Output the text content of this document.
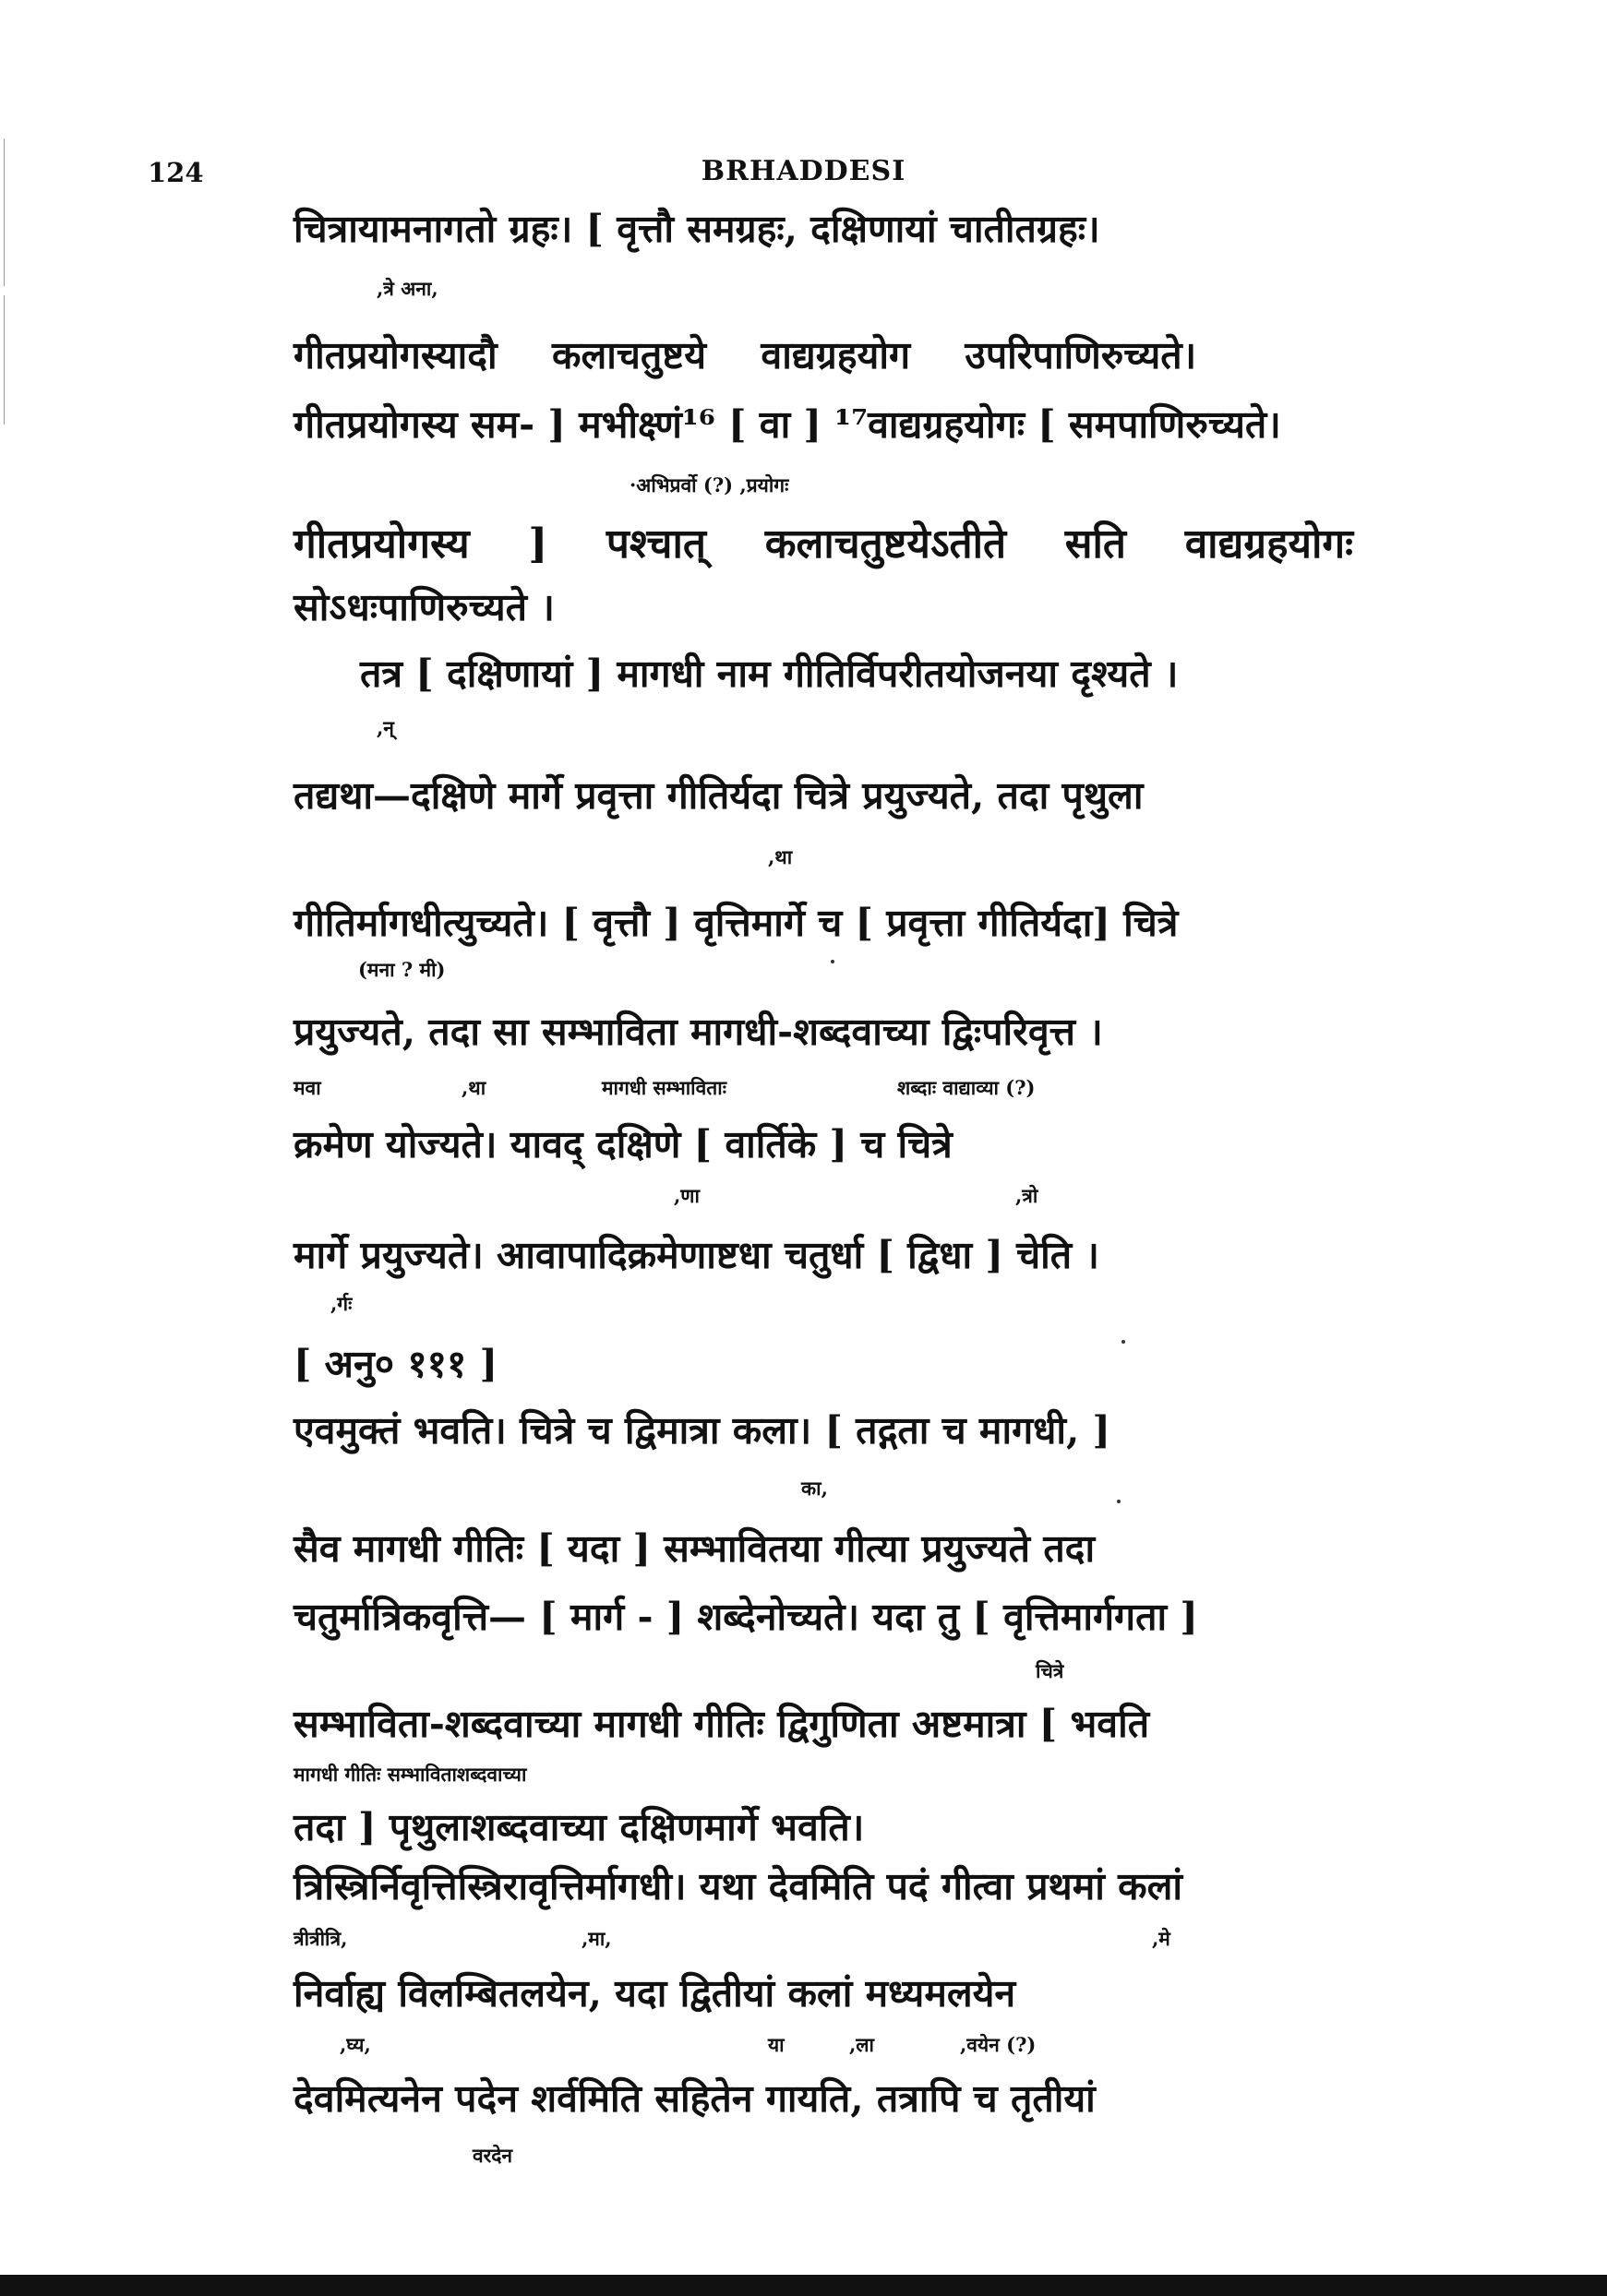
124	BRHADDESI
चित्रायामनागतो ग्रहः। [ वृत्तौ समग्रहः, दक्षिणायां चातीतग्रहः।
,त्रे अना,
गीतप्रयोगस्यादौ कलाचतुष्टये वाद्यग्रहयोग उपरिपाणिरुच्यते।
गीतप्रयोगस्य सम- ] मभीक्ष्णं¹⁶ [ वा ] ¹⁷वाद्यग्रहयोगः [ समपाणिरुच्यते।
·अभिप्रर्वो (?) ,प्रयोगः
गीतप्रयोगस्य ] पश्चात् कलाचतुष्टयेऽतीते सति वाद्यग्रहयोगः
सोऽधःपाणिरुच्यते ।
तत्र [ दक्षिणायां ] मागधी नाम गीतिर्विपरीतयोजनया दृश्यते ।
,न्
तद्यथा—दक्षिणे मार्गे प्रवृत्ता गीतिर्यदा चित्रे प्रयुज्यते, तदा पृथुला
,था
गीतिर्मागधीत्युच्यते। [ वृत्तौ ] वृत्तिमार्गे च [ प्रवृत्ता गीतिर्यदा] चित्रे
(मना ? मी)
प्रयुज्यते, तदा सा सम्भाविता मागधी-शब्दवाच्या द्विःपरिवृत्त ।
मवा	,था	मागधी सम्भाविताः	शब्दाः वाद्याव्या (?)
क्रमेण योज्यते। यावद् दक्षिणे [ वार्तिके ] च चित्रे
,णा	,त्रो
मार्गे प्रयुज्यते। आवापादिक्रमेणाष्टधा चतुर्धा [ द्विधा ] चेति ।
,र्गः
[ अनु० १११ ]
एवमुक्तं भवति। चित्रे च द्विमात्रा कला। [ तद्गता च मागधी, ]
का,
सैव मागधी गीतिः [ यदा ] सम्भावितया गीत्या प्रयुज्यते तदा
चतुर्मात्रिकवृत्ति— [ मार्ग - ] शब्देनोच्यते। यदा तु [ वृत्तिमार्गगता ]
चित्रे
सम्भाविता-शब्दवाच्या मागधी गीतिः द्विगुणिता अष्टमात्रा [ भवति
मागधी गीतिः सम्भाविताशब्दवाच्या
तदा ] पृथुलाशब्दवाच्या दक्षिणमार्गे भवति।
त्रिस्त्रिर्निवृत्तिस्त्रिरावृत्तिर्मागधी। यथा देवमिति पदं गीत्वा प्रथमां कलां
त्रीत्रीत्रि,	,मा,	,मे
निर्वाह्य विलम्बितलयेन, यदा द्वितीयां कलां मध्यमलयेन
,घ्य,	या	,ला	,वयेन (?)
देवमित्यनेन पदेन शर्वमिति सहितेन गायति, तत्रापि च तृतीयां
वरदेन
